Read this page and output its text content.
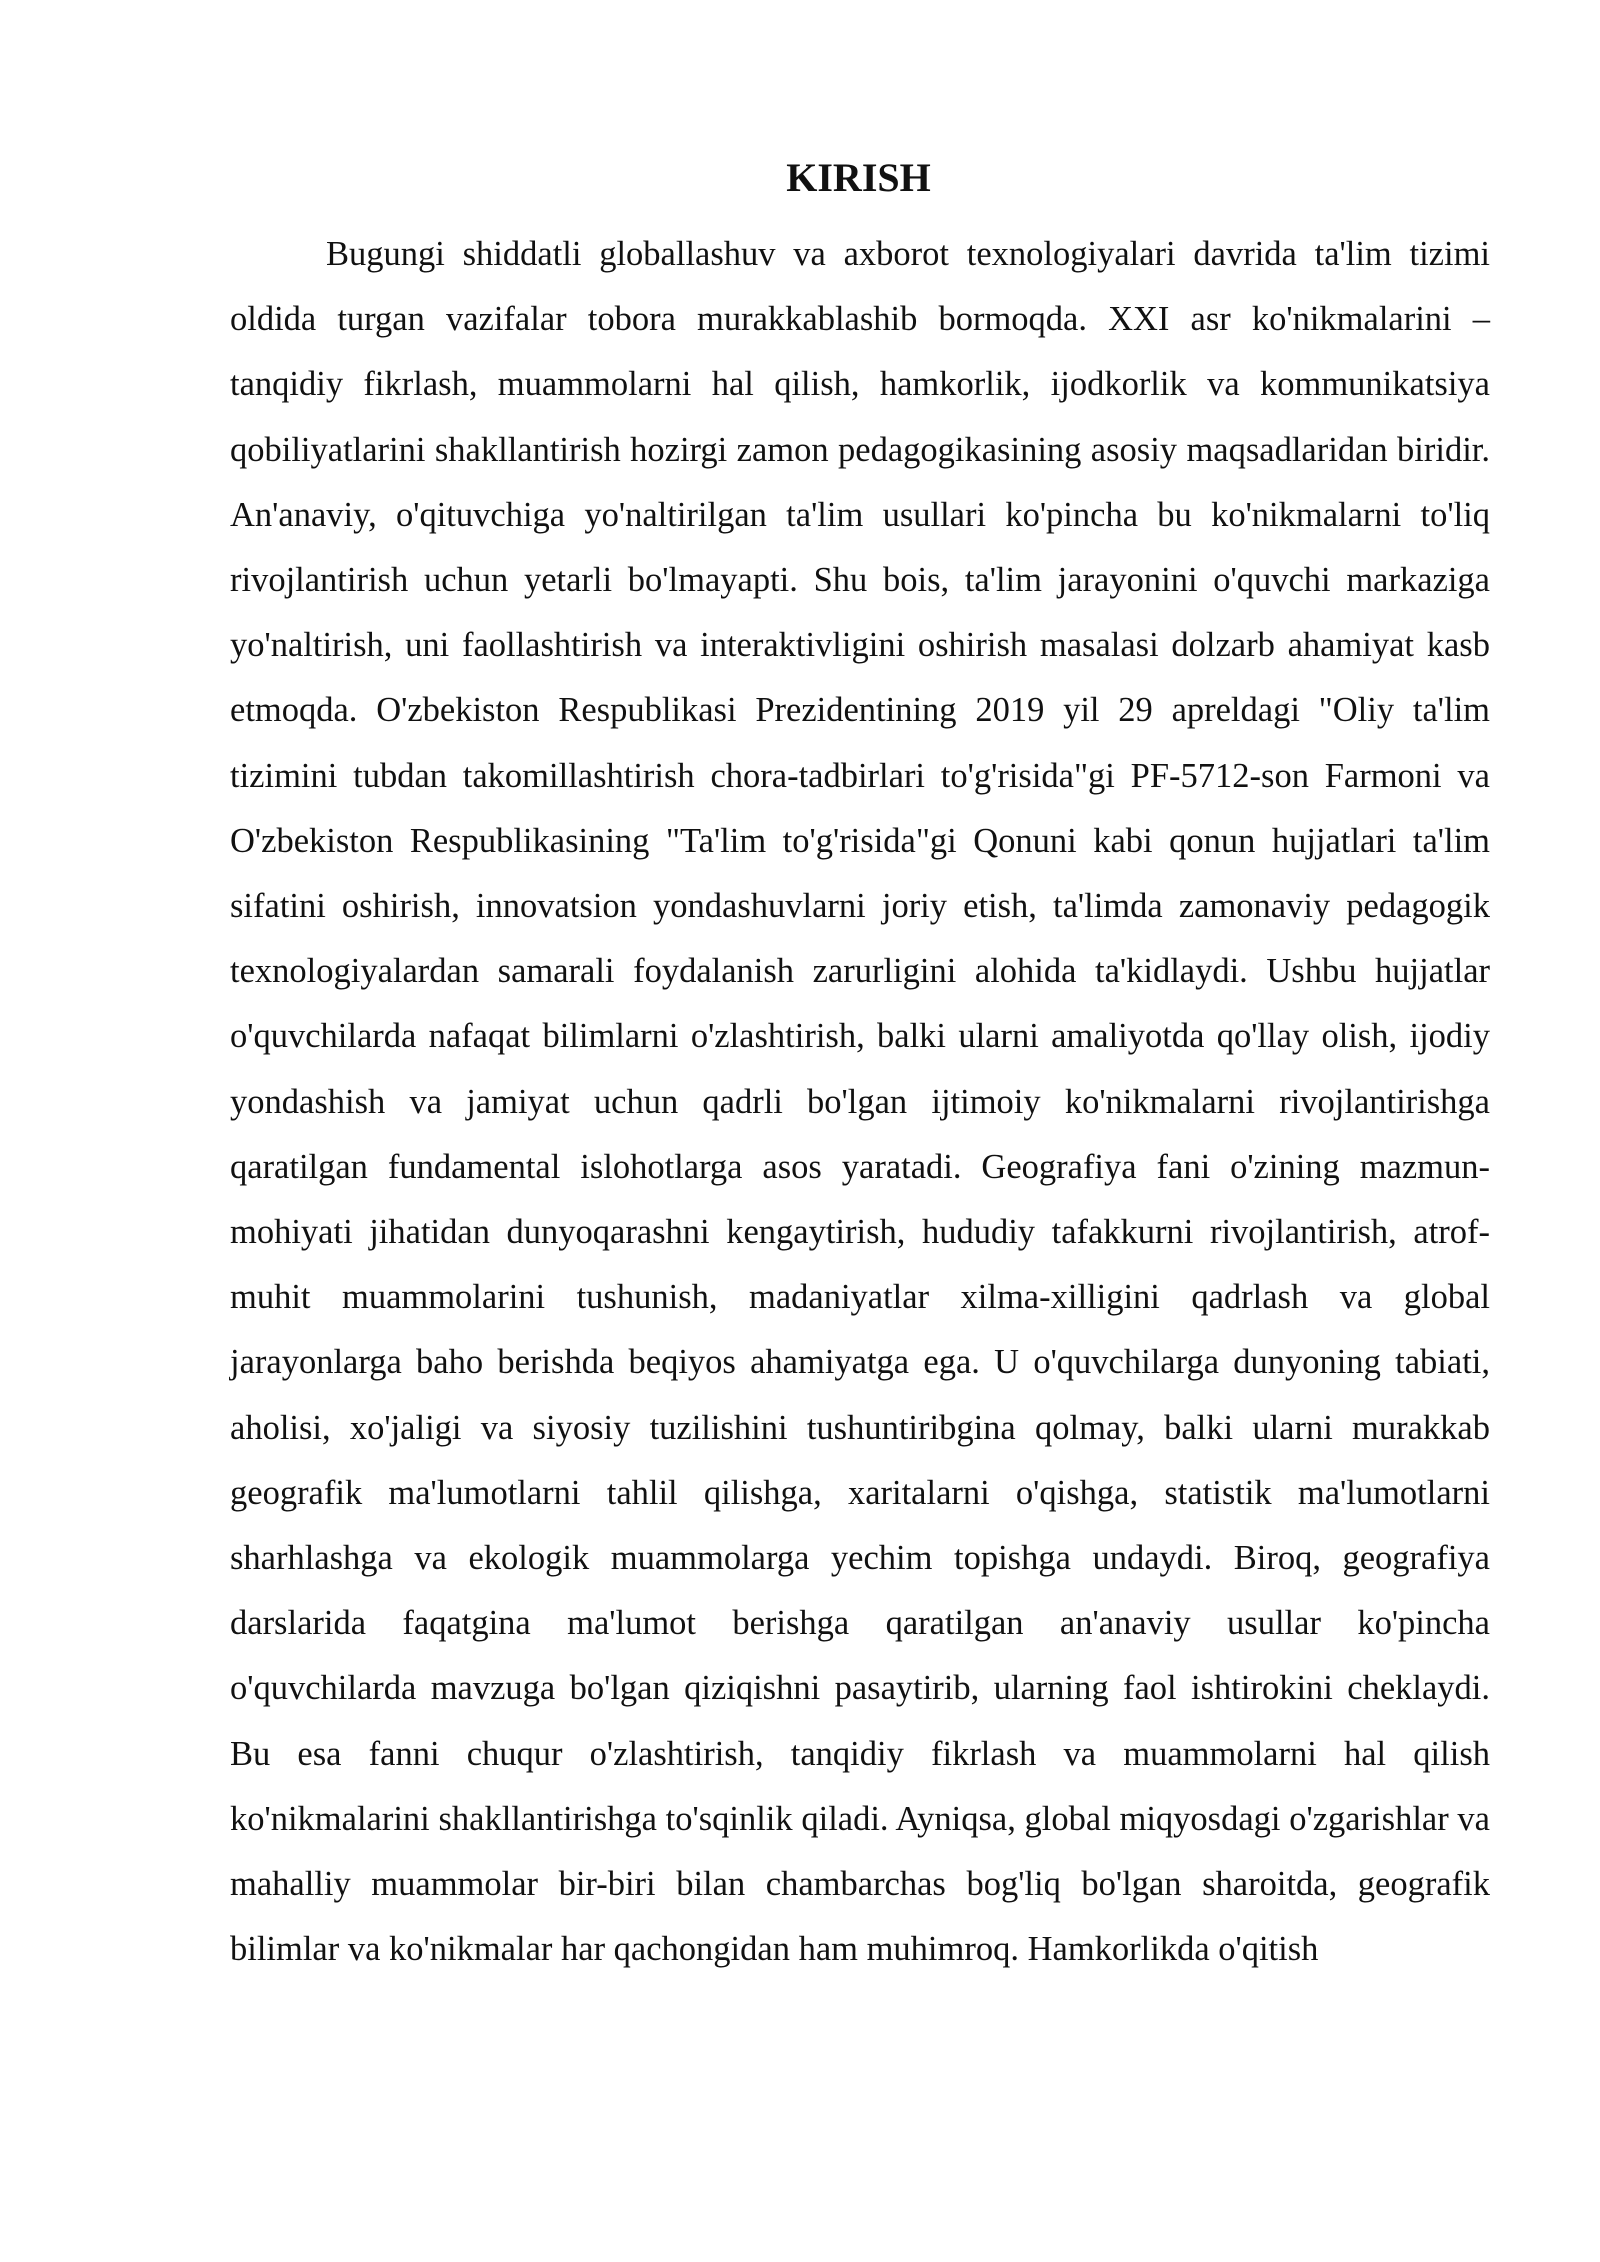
KIRISH

Bugungi shiddatli globallashuv va axborot texnologiyalari davrida ta'lim tizimi oldida turgan vazifalar tobora murakkablashib bormoqda. XXI asr ko'nikmalarini – tanqidiy fikrlash, muammolarni hal qilish, hamkorlik, ijodkorlik va kommunikatsiya qobiliyatlarini shakllantirish hozirgi zamon pedagogikasining asosiy maqsadlaridan biridir. An'anaviy, o'qituvchiga yo'naltirilgan ta'lim usullari ko'pincha bu ko'nikmalarni to'liq rivojlantirish uchun yetarli bo'lmayapti. Shu bois, ta'lim jarayonini o'quvchi markaziga yo'naltirish, uni faollashtirish va interaktivligini oshirish masalasi dolzarb ahamiyat kasb etmoqda. O'zbekiston Respublikasi Prezidentining 2019 yil 29 apreldagi "Oliy ta'lim tizimini tubdan takomillashtirish chora-tadbirlari to'g'risida"gi PF-5712-son Farmoni va O'zbekiston Respublikasining "Ta'lim to'g'risida"gi Qonuni kabi qonun hujjatlari ta'lim sifatini oshirish, innovatsion yondashuvlarni joriy etish, ta'limda zamonaviy pedagogik texnologiyalardan samarali foydalanish zarurligini alohida ta'kidlaydi. Ushbu hujjatlar o'quvchilarda nafaqat bilimlarni o'zlashtirish, balki ularni amaliyotda qo'llay olish, ijodiy yondashish va jamiyat uchun qadrli bo'lgan ijtimoiy ko'nikmalarni rivojlantirishga qaratilgan fundamental islohotlarga asos yaratadi. Geografiya fani o'zining mazmun-mohiyati jihatidan dunyoqarashni kengaytirish, hududiy tafakkurni rivojlantirish, atrof-muhit muammolarini tushunish, madaniyatlar xilma-xilligini qadrlash va global jarayonlarga baho berishda beqiyos ahamiyatga ega. U o'quvchilarga dunyoning tabiati, aholisi, xo'jaligi va siyosiy tuzilishini tushuntiribgina qolmay, balki ularni murakkab geografik ma'lumotlarni tahlil qilishga, xaritalarni o'qishga, statistik ma'lumotlarni sharhlashga va ekologik muammolarga yechim topishga undaydi. Biroq, geografiya darslarida faqatgina ma'lumot berishga qaratilgan an'anaviy usullar ko'pincha o'quvchilarda mavzuga bo'lgan qiziqishni pasaytirib, ularning faol ishtirokini cheklaydi. Bu esa fanni chuqur o'zlashtirish, tanqidiy fikrlash va muammolarni hal qilish ko'nikmalarini shakllantirishga to'sqinlik qiladi. Ayniqsa, global miqyosdagi o'zgarishlar va mahalliy muammolar bir-biri bilan chambarchas bog'liq bo'lgan sharoitda, geografik bilimlar va ko'nikmalar har qachongidan ham muhimroq. Hamkorlikda o'qitish
